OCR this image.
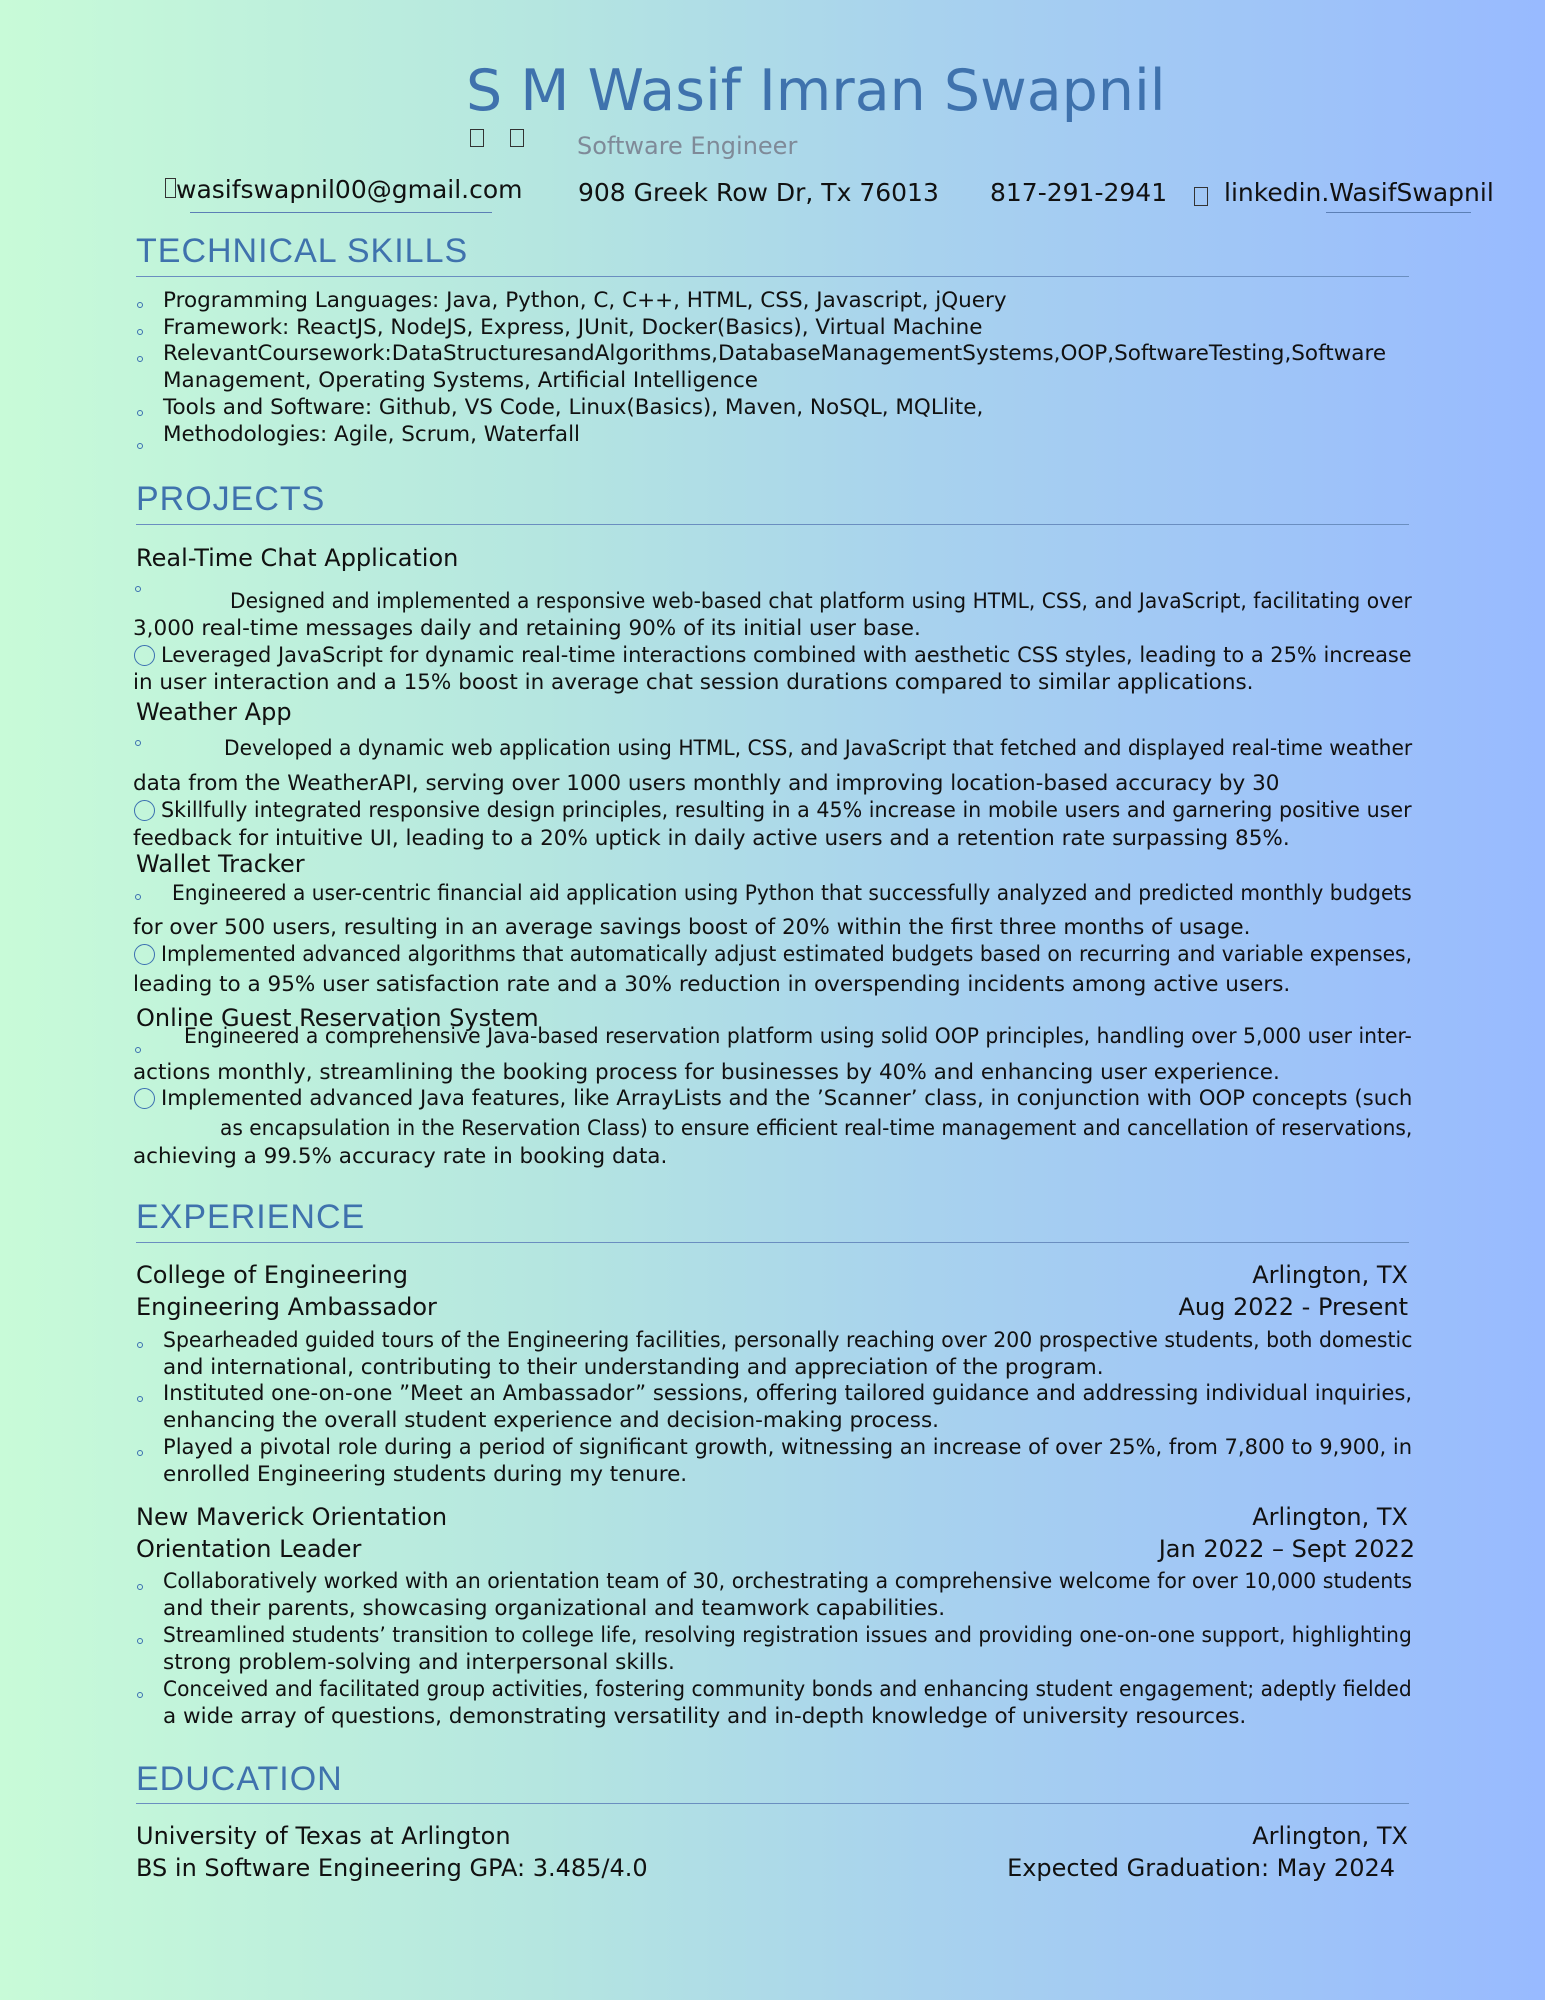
S M Wasif Imran Swapnil
Software Engineer
wasifswapnil00@gmail.com 908 Greek Row Dr, Tx 76013 817-291-2941 linkedin.WasifSwapnil
TECHNICAL SKILLS
Programming Languages: Java, Python, C, C++, HTML, CSS, Javascript, jQuery
Framework: ReactJS, NodeJS, Express, JUnit, Docker(Basics), Virtual Machine
RelevantCoursework:DataStructuresandAlgorithms,DatabaseManagementSystems,OOP,SoftwareTesting,Software
Management, Operating Systems, Artificial Intelligence
Tools and Software: Github, VS Code, Linux(Basics), Maven, NoSQL, MQLlite,
Methodologies: Agile, Scrum, Waterfall
PROJECTS
Real-Time Chat Application
Designed and implemented a responsive web-based chat platform using HTML, CSS, and JavaScript, facilitating over
3,000 real-time messages daily and retaining 90% of its initial user base.
Leveraged JavaScript for dynamic real-time interactions combined with aesthetic CSS styles, leading to a 25% increase
in user interaction and a 15% boost in average chat session durations compared to similar applications.
Weather App
Developed a dynamic web application using HTML, CSS, and JavaScript that fetched and displayed real-time weather
data from the WeatherAPI, serving over 1000 users monthly and improving location-based accuracy by 30
Skillfully integrated responsive design principles, resulting in a 45% increase in mobile users and garnering positive user
feedback for intuitive UI, leading to a 20% uptick in daily active users and a retention rate surpassing 85%.
Wallet Tracker
Engineered a user-centric financial aid application using Python that successfully analyzed and predicted monthly budgets
for over 500 users, resulting in an average savings boost of 20% within the first three months of usage.
Implemented advanced algorithms that automatically adjust estimated budgets based on recurring and variable expenses,
leading to a 95% user satisfaction rate and a 30% reduction in overspending incidents among active users.
Online Guest Reservation System
Engineered a comprehensive Java-based reservation platform using solid OOP principles, handling over 5,000 user inter-
actions monthly, streamlining the booking process for businesses by 40% and enhancing user experience.
Implemented advanced Java features, like ArrayLists and the ’Scanner’ class, in conjunction with OOP concepts (such
as encapsulation in the Reservation Class) to ensure efficient real-time management and cancellation of reservations,
achieving a 99.5% accuracy rate in booking data.
EXPERIENCE
College of Engineering	Arlington, TX
Engineering Ambassador	Aug 2022 - Present
Spearheaded guided tours of the Engineering facilities, personally reaching over 200 prospective students, both domestic
and international, contributing to their understanding and appreciation of the program.
Instituted one-on-one ”Meet an Ambassador” sessions, offering tailored guidance and addressing individual inquiries,
enhancing the overall student experience and decision-making process.
Played a pivotal role during a period of significant growth, witnessing an increase of over 25%, from 7,800 to 9,900, in
enrolled Engineering students during my tenure.
New Maverick Orientation	Arlington, TX
Orientation Leader	Jan 2022 – Sept 2022
Collaboratively worked with an orientation team of 30, orchestrating a comprehensive welcome for over 10,000 students
and their parents, showcasing organizational and teamwork capabilities.
Streamlined students’ transition to college life, resolving registration issues and providing one-on-one support, highlighting
strong problem-solving and interpersonal skills.
Conceived and facilitated group activities, fostering community bonds and enhancing student engagement; adeptly fielded
a wide array of questions, demonstrating versatility and in-depth knowledge of university resources.
EDUCATION
University of Texas at Arlington	Arlington, TX
BS in Software Engineering GPA: 3.485/4.0	Expected Graduation: May 2024
